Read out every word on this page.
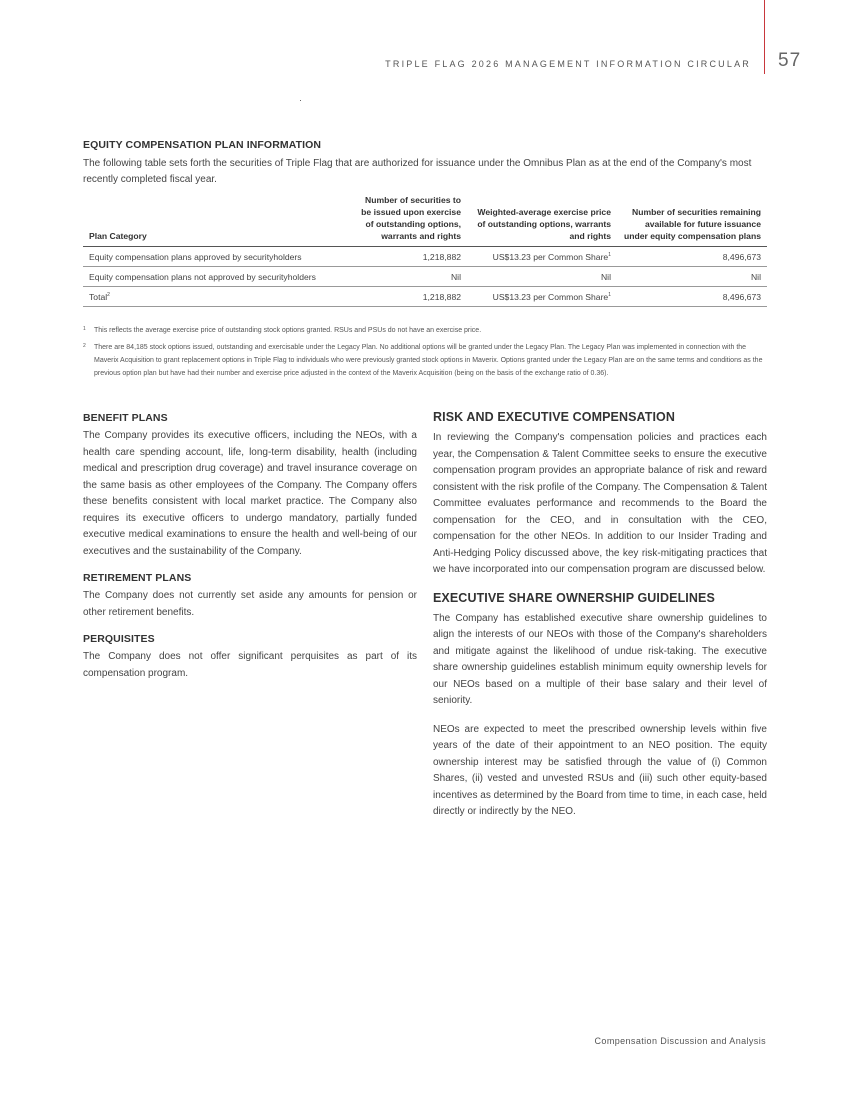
TRIPLE FLAG 2026 MANAGEMENT INFORMATION CIRCULAR 57
EQUITY COMPENSATION PLAN INFORMATION

The following table sets forth the securities of Triple Flag that are authorized for issuance under the Omnibus Plan as at the end of the Company's most recently completed fiscal year.

Plan Category	Number of securities to be issued upon exercise of outstanding options, warrants and rights	Weighted-average exercise price of outstanding options, warrants and rights	Number of securities remaining available for future issuance under equity compensation plans
Equity compensation plans approved by securityholders	1,218,882	US$13.23 per Common Share$^1$	8,496,673
Equity compensation plans not approved by securityholders	Nil	Nil	Nil
Total$^2$	1,218,882	US$13.23 per Common Share$^1$	8,496,673

1 This reflects the average exercise price of outstanding stock options granted. RSUs and PSUs do not have an exercise price.

2 There are 84,185 stock options issued, outstanding and exercisable under the Legacy Plan. No additional options will be granted under the Legacy Plan. The Legacy Plan was implemented in connection with the Maverix Acquisition to grant replacement options in Triple Flag to individuals who were previously granted stock options in Maverix. Options granted under the Legacy Plan are on the same terms and conditions as the previous option plan but have had their number and exercise price adjusted in the context of the Maverix Acquisition (being on the basis of the exchange ratio of 0.36).

BENEFIT PLANS

The Company provides its executive officers, including the NEOs, with a health care spending account, life, long-term disability, health (including medical and prescription drug coverage) and travel insurance coverage on the same basis as other employees of the Company. The Company offers these benefits consistent with local market practice. The Company also requires its executive officers to undergo mandatory, partially funded executive medical examinations to ensure the health and well-being of our executives and the sustainability of the Company.

RETIREMENT PLANS

The Company does not currently set aside any amounts for pension or other retirement benefits.

PERQUISITES

The Company does not offer significant perquisites as part of its compensation program.

RISK AND EXECUTIVE COMPENSATION

In reviewing the Company's compensation policies and practices each year, the Compensation & Talent Committee seeks to ensure the executive compensation program provides an appropriate balance of risk and reward consistent with the risk profile of the Company. The Compensation & Talent Committee evaluates performance and recommends to the Board the compensation for the CEO, and in consultation with the CEO, compensation for the other NEOs. In addition to our Insider Trading and Anti-Hedging Policy discussed above, the key risk-mitigating practices that we have incorporated into our compensation program are discussed below.

EXECUTIVE SHARE OWNERSHIP GUIDELINES

The Company has established executive share ownership guidelines to align the interests of our NEOs with those of the Company's shareholders and mitigate against the likelihood of undue risk-taking. The executive share ownership guidelines establish minimum equity ownership levels for our NEOs based on a multiple of their base salary and their level of seniority.

NEOs are expected to meet the prescribed ownership levels within five years of the date of their appointment to an NEO position. The equity ownership interest may be satisfied through the value of (i) Common Shares, (ii) vested and unvested RSUs and (iii) such other equity-based incentives as determined by the Board from time to time, in each case, held directly or indirectly by the NEO.

Compensation Discussion and Analysis
